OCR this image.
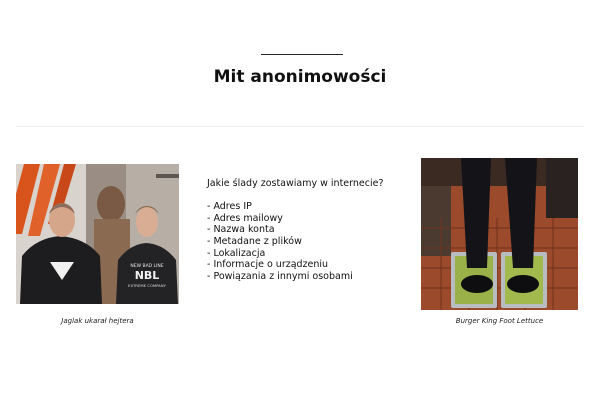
Mit anonimowości
NEW BAD LINE
NBL
EXTREME COMPANY
Jaglak ukarał hejtera

Jakie ślady zostawiamy w internecie?

- Adres IP
- Adres mailowy
- Nazwa konta
- Metadane z plików
- Lokalizacja
- Informacje o urządzeniu
- Powiązania z innymi osobami
Burger King Foot Lettuce
